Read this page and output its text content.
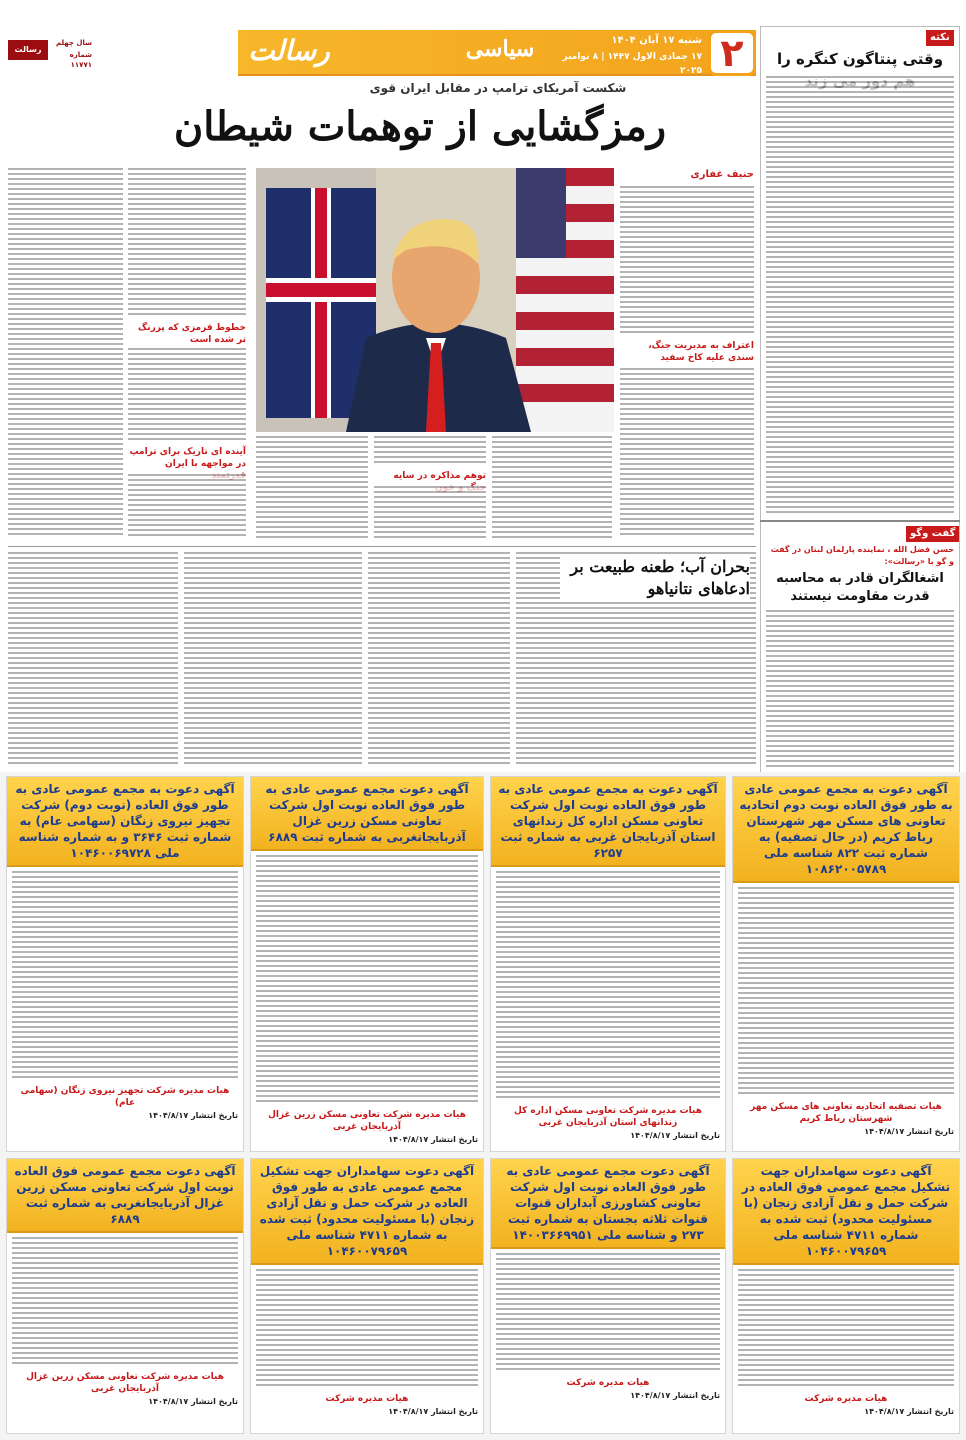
۲
سیاسی	شنبه ۱۷ آبان ۱۴۰۴
۱۷ جمادی الاول ۱۴۴۷ | ۸ نوامبر ۲۰۲۵
رسالت
رسالت
سال چهلم
شماره ۱۱۷۷۱
شکست آمریکای ترامپ در مقابل ایران قوی
رمزگشایی از توهمات شیطان
خطوط قرمزی که پررنگ تر شده است
آینده ای تاریک برای ترامپ در مواجهه با ایران
حنیف غفاری
اعتراف به مدیریت جنگ، سندی علیه کاخ سفید
توهم مذاکره در سایه
نکته
وقتی پنتاگون کنگره را
گفت وگو
حسن فضل الله ، نماینده پارلمان لبنان در گفت و گو با «رسالت»:
اشغالگران قادر به محاسبه قدرت مقاومت نیستند
بحران آب؛ طعنه طبیعت بر ادعاهای نتانیاهو
آگهی دعوت به مجمع عمومی عادی به طور فوق العاده نوبت دوم اتحادیه تعاونی های مسکن مهر شهرستان رباط کریم (در حال تصفیه) به شماره ثبت ۸۲۲ شناسه ملی ۱۰۸۶۲۰۰۵۷۸۹
هیات تصفیه اتحادیه تعاونی های مسکن مهر شهرستان رباط کریم
تاریخ انتشار ۱۴۰۴/۸/۱۷
آگهی دعوت به مجمع عمومی عادی به طور فوق العاده نوبت اول شرکت تعاونی مسکن اداره کل زندانهای استان آذربایجان غربی به شماره ثبت ۶۲۵۷
هیات مدیره شرکت تعاونی مسکن اداره کل زندانهای استان آذربایجان غربی
تاریخ انتشار ۱۴۰۴/۸/۱۷
آگهی دعوت مجمع عمومی عادی به طور فوق العاده نوبت اول شرکت تعاونی مسکن زرین غزال آذربایجانغربی به شماره ثبت ۶۸۸۹
هیات مدیره شرکت تعاونی مسکن زرین غزال آذربایجان غربی
تاریخ انتشار ۱۴۰۴/۸/۱۷
آگهی دعوت به مجمع عمومی عادی به طور فوق العاده (نوبت دوم) شرکت تجهیز نیروی زنگان (سهامی عام) به شماره ثبت ۳۶۴۶ و به شماره شناسه ملی ۱۰۴۶۰۰۶۹۷۲۸
هیات مدیره شرکت تجهیز نیروی زنگان (سهامی عام)
تاریخ انتشار ۱۴۰۴/۸/۱۷
آگهی دعوت سهامداران جهت تشکیل مجمع عمومی فوق العاده در شرکت حمل و نقل آزادی زنجان (با مسئولیت محدود) ثبت شده به شماره ۴۷۱۱ شناسه ملی ۱۰۴۶۰۰۷۹۶۵۹
هیات مدیره شرکت
تاریخ انتشار ۱۴۰۴/۸/۱۷
آگهی دعوت مجمع عمومی عادی به طور فوق العاده نوبت اول شرکت تعاونی کشاورزی آبداران قنوات قنوات ثلاثه بجستان به شماره ثبت ۲۷۳ و شناسه ملی ۱۴۰۰۳۶۶۹۹۵۱
هیات مدیره شرکت
تاریخ انتشار ۱۴۰۴/۸/۱۷
آگهی دعوت سهامداران جهت تشکیل مجمع عمومی عادی به طور فوق العاده در شرکت حمل و نقل آزادی زنجان (با مسئولیت محدود) ثبت شده به شماره ۴۷۱۱ شناسه ملی ۱۰۴۶۰۰۷۹۶۵۹
هیات مدیره شرکت
تاریخ انتشار ۱۴۰۴/۸/۱۷
آگهی دعوت مجمع عمومی فوق العاده نوبت اول شرکت تعاونی مسکن زرین غزال آذربایجانغربی به شماره ثبت ۶۸۸۹
هیات مدیره شرکت تعاونی مسکن زرین غزال آذربایجان غربی
تاریخ انتشار ۱۴۰۴/۸/۱۷
